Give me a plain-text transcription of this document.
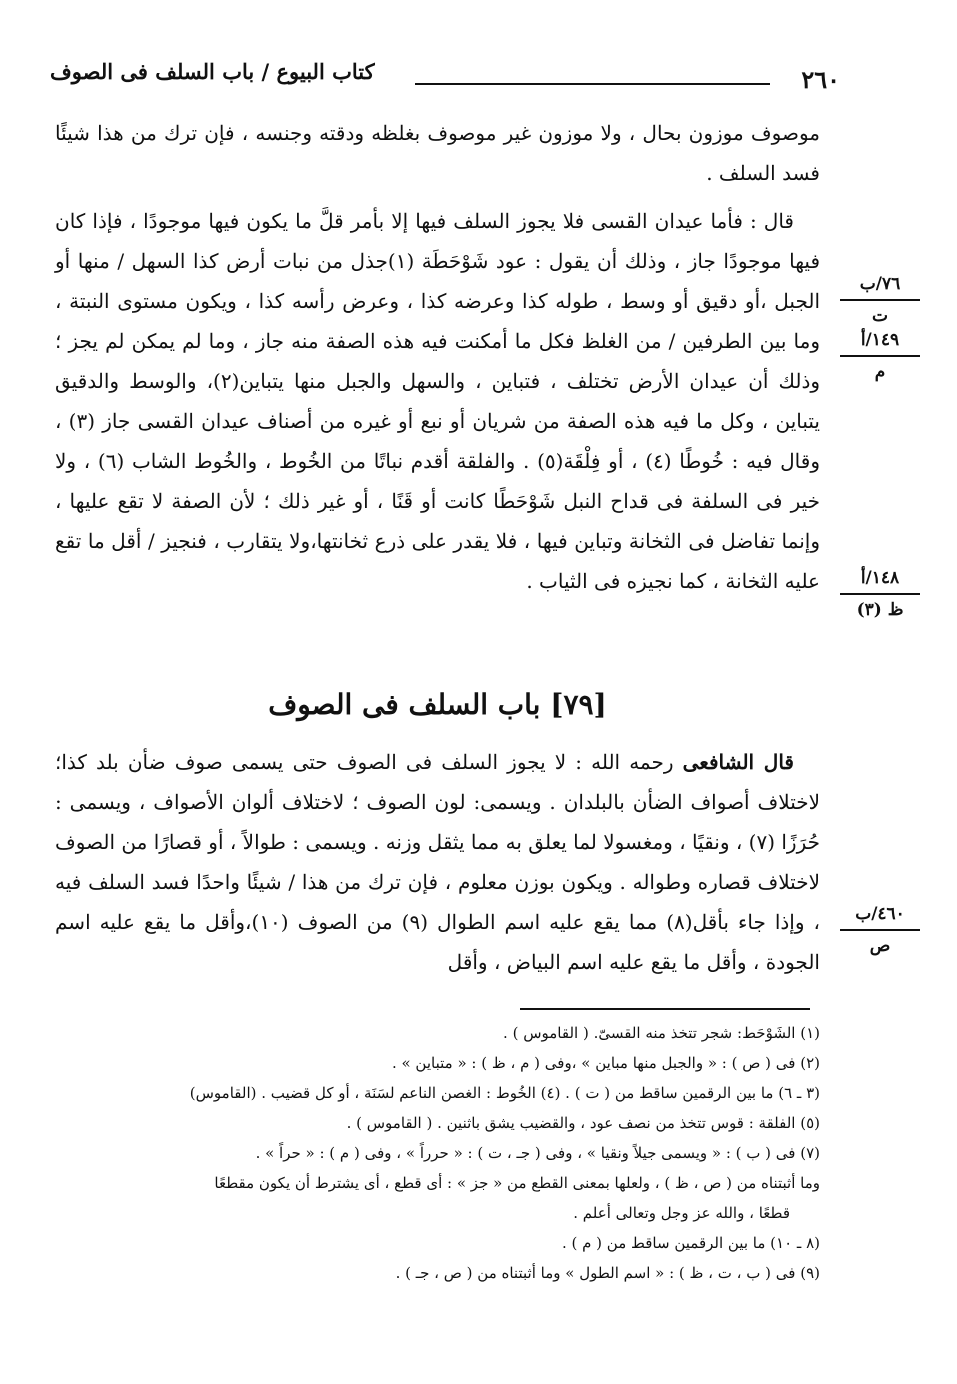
٢٦٠
كتاب البيوع / باب السلف فى الصوف

موصوف موزون بحال ، ولا موزون غير موصوف بغلظه ودقته وجنسه ، فإن ترك من هذا شيئًا فسد السلف .

قال : فأما عيدان القسى فلا يجوز السلف فيها إلا بأمر قلَّ ما يكون فيها موجودًا ، فإذا كان فيها موجودًا جاز ، وذلك أن يقول : عود شَوْحَطَة (١)جذل من نبات أرض كذا السهل / منها أو الجبل ،أو دقيق أو وسط ، طوله كذا وعرضه كذا ، وعرض رأسه كذا ، ويكون مستوى النبتة ، وما بين الطرفين / من الغلظ فكل ما أمكنت فيه هذه الصفة منه جاز ، وما لم يمكن لم يجز ؛ وذلك أن عيدان الأرض تختلف ، فتباين ، والسهل والجبل منها يتباين(٢)، والوسط والدقيق يتباين ، وكل ما فيه هذه الصفة من شريان أو نبع أو غيره من أصناف عيدان القسى جاز (٣) ، وقال فيه : خُوطًا (٤) ، أو فِلْقَة(٥) . والفلقة أقدم نباتًا من الخُوط ، والخُوط الشاب (٦) ، ولا خير فى السلفة فى قداح النبل شَوْحَطًا كانت أو قَنًا ، أو غير ذلك ؛ لأن الصفة لا تقع عليها ، وإنما تفاضل فى الثخانة وتباين فيها ، فلا يقدر على ذرع ثخانتها،ولا يتقارب ، فنجيز / أقل ما تقع عليه الثخانة ، كما نجيزه فى الثياب .

٧٦/ب
ت
١٤٩/أ
م
١٤٨/أ
ظ (٣)
[٧٩] باب السلف فى الصوف

قال الشافعى رحمه الله : لا يجوز السلف فى الصوف حتى يسمى صوف ضأن بلد كذا؛ لاختلاف أصواف الضأن بالبلدان . ويسمى: لون الصوف ؛ لاختلاف ألوان الأصواف ، ويسمى : حُرَزًا (٧) ، ونقيًا ، ومغسولا لما يعلق به مما يثقل وزنه . ويسمى : طوالاً ، أو قصارًا من الصوف لاختلاف قصاره وطواله . ويكون بوزن معلوم ، فإن ترك من هذا / شيئًا واحدًا فسد السلف فيه ، وإذا جاء بأقل(٨) مما يقع عليه اسم الطوال (٩) من الصوف (١٠)،وأقل ما يقع عليه اسم الجودة ، وأقل ما يقع عليه اسم البياض ، وأقل

٤٦٠/ب
ص
(١) الشَوْحَط: شجر تتخذ منه القسىّ. ( القاموس ) .
(٢) فى ( ص ) : « والجبل منها مباين » ،وفى ( م ، ظ ) : « متباين » .
(٣ ـ ٦) ما بين الرقمين ساقط من ( ت ) . (٤) الخُوط : الغصن الناعم لسَنَة ، أو كل قضيب . (القاموس)
(٥) الفلقة : قوس تتخذ من نصف عود ، والقضيب يشق باثنين . ( القاموس ) .
(٧) فى ( ب ) : « ويسمى جيلاً ونقيا » ، وفى ( جـ ، ت ) : « حرراً » ، وفى ( م ) : « حراً » .
وما أثبتناه من ( ص ، ظ ) ، ولعلها بمعنى القطع من « جز » : أى قطع ، أى يشترط أن يكون مقطعًا
قطعًا ، والله عز وجل وتعالى أعلم .
(٨ ـ ١٠) ما بين الرقمين ساقط من ( م ) .
(٩) فى ( ب ، ت ، ظ ) : « اسم الطول » وما أثبتناه من ( ص ، جـ ) .
